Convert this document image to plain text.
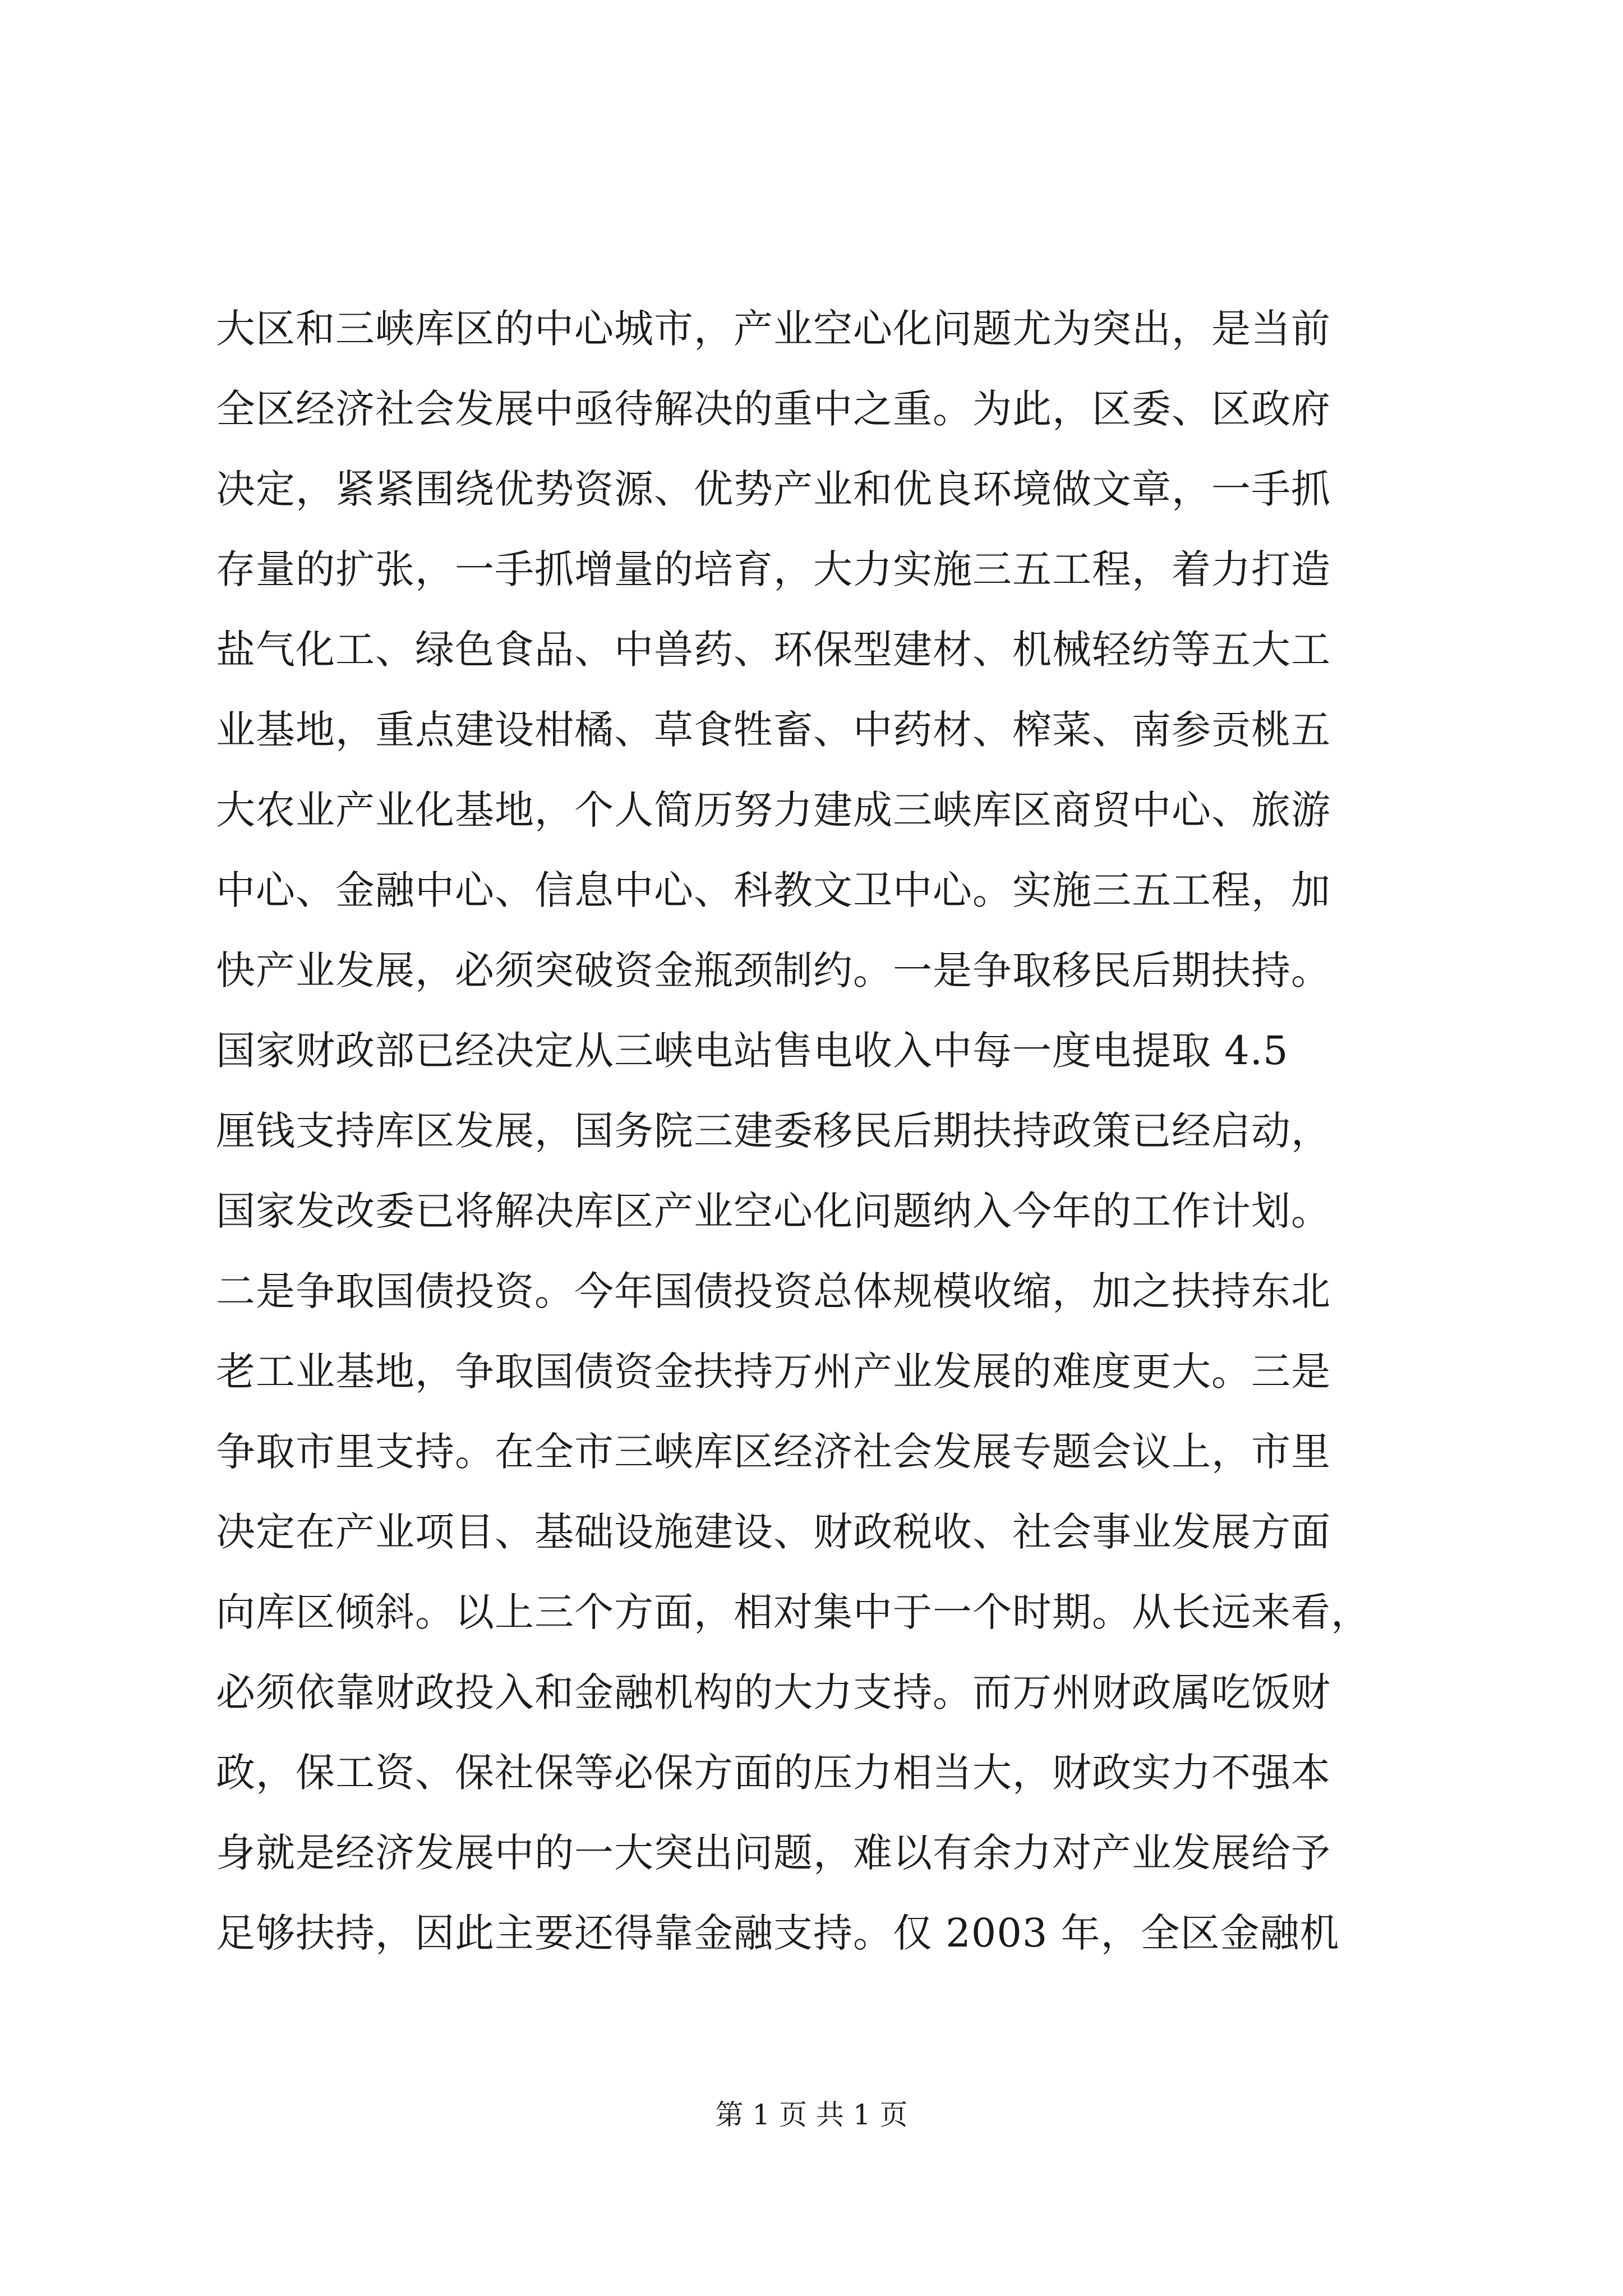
大区和三峡库区的中心城市，产业空心化问题尤为突出，是当前
全区经济社会发展中亟待解决的重中之重。为此，区委、区政府
决定，紧紧围绕优势资源、优势产业和优良环境做文章，一手抓
存量的扩张，一手抓增量的培育，大力实施三五工程，着力打造
盐气化工、绿色食品、中兽药、环保型建材、机械轻纺等五大工
业基地，重点建设柑橘、草食牲畜、中药材、榨菜、南参贡桃五
大农业产业化基地，个人简历努力建成三峡库区商贸中心、旅游
中心、金融中心、信息中心、科教文卫中心。实施三五工程，加
快产业发展，必须突破资金瓶颈制约。一是争取移民后期扶持。
国家财政部已经决定从三峡电站售电收入中每一度电提取 4.5
厘钱支持库区发展，国务院三建委移民后期扶持政策已经启动，
国家发改委已将解决库区产业空心化问题纳入今年的工作计划。
二是争取国债投资。今年国债投资总体规模收缩，加之扶持东北
老工业基地，争取国债资金扶持万州产业发展的难度更大。三是
争取市里支持。在全市三峡库区经济社会发展专题会议上，市里
决定在产业项目、基础设施建设、财政税收、社会事业发展方面
向库区倾斜。以上三个方面，相对集中于一个时期。从长远来看，
必须依靠财政投入和金融机构的大力支持。而万州财政属吃饭财
政，保工资、保社保等必保方面的压力相当大，财政实力不强本
身就是经济发展中的一大突出问题，难以有余力对产业发展给予
足够扶持，因此主要还得靠金融支持。仅 2003 年，全区金融机
第 1 页 共 1 页
